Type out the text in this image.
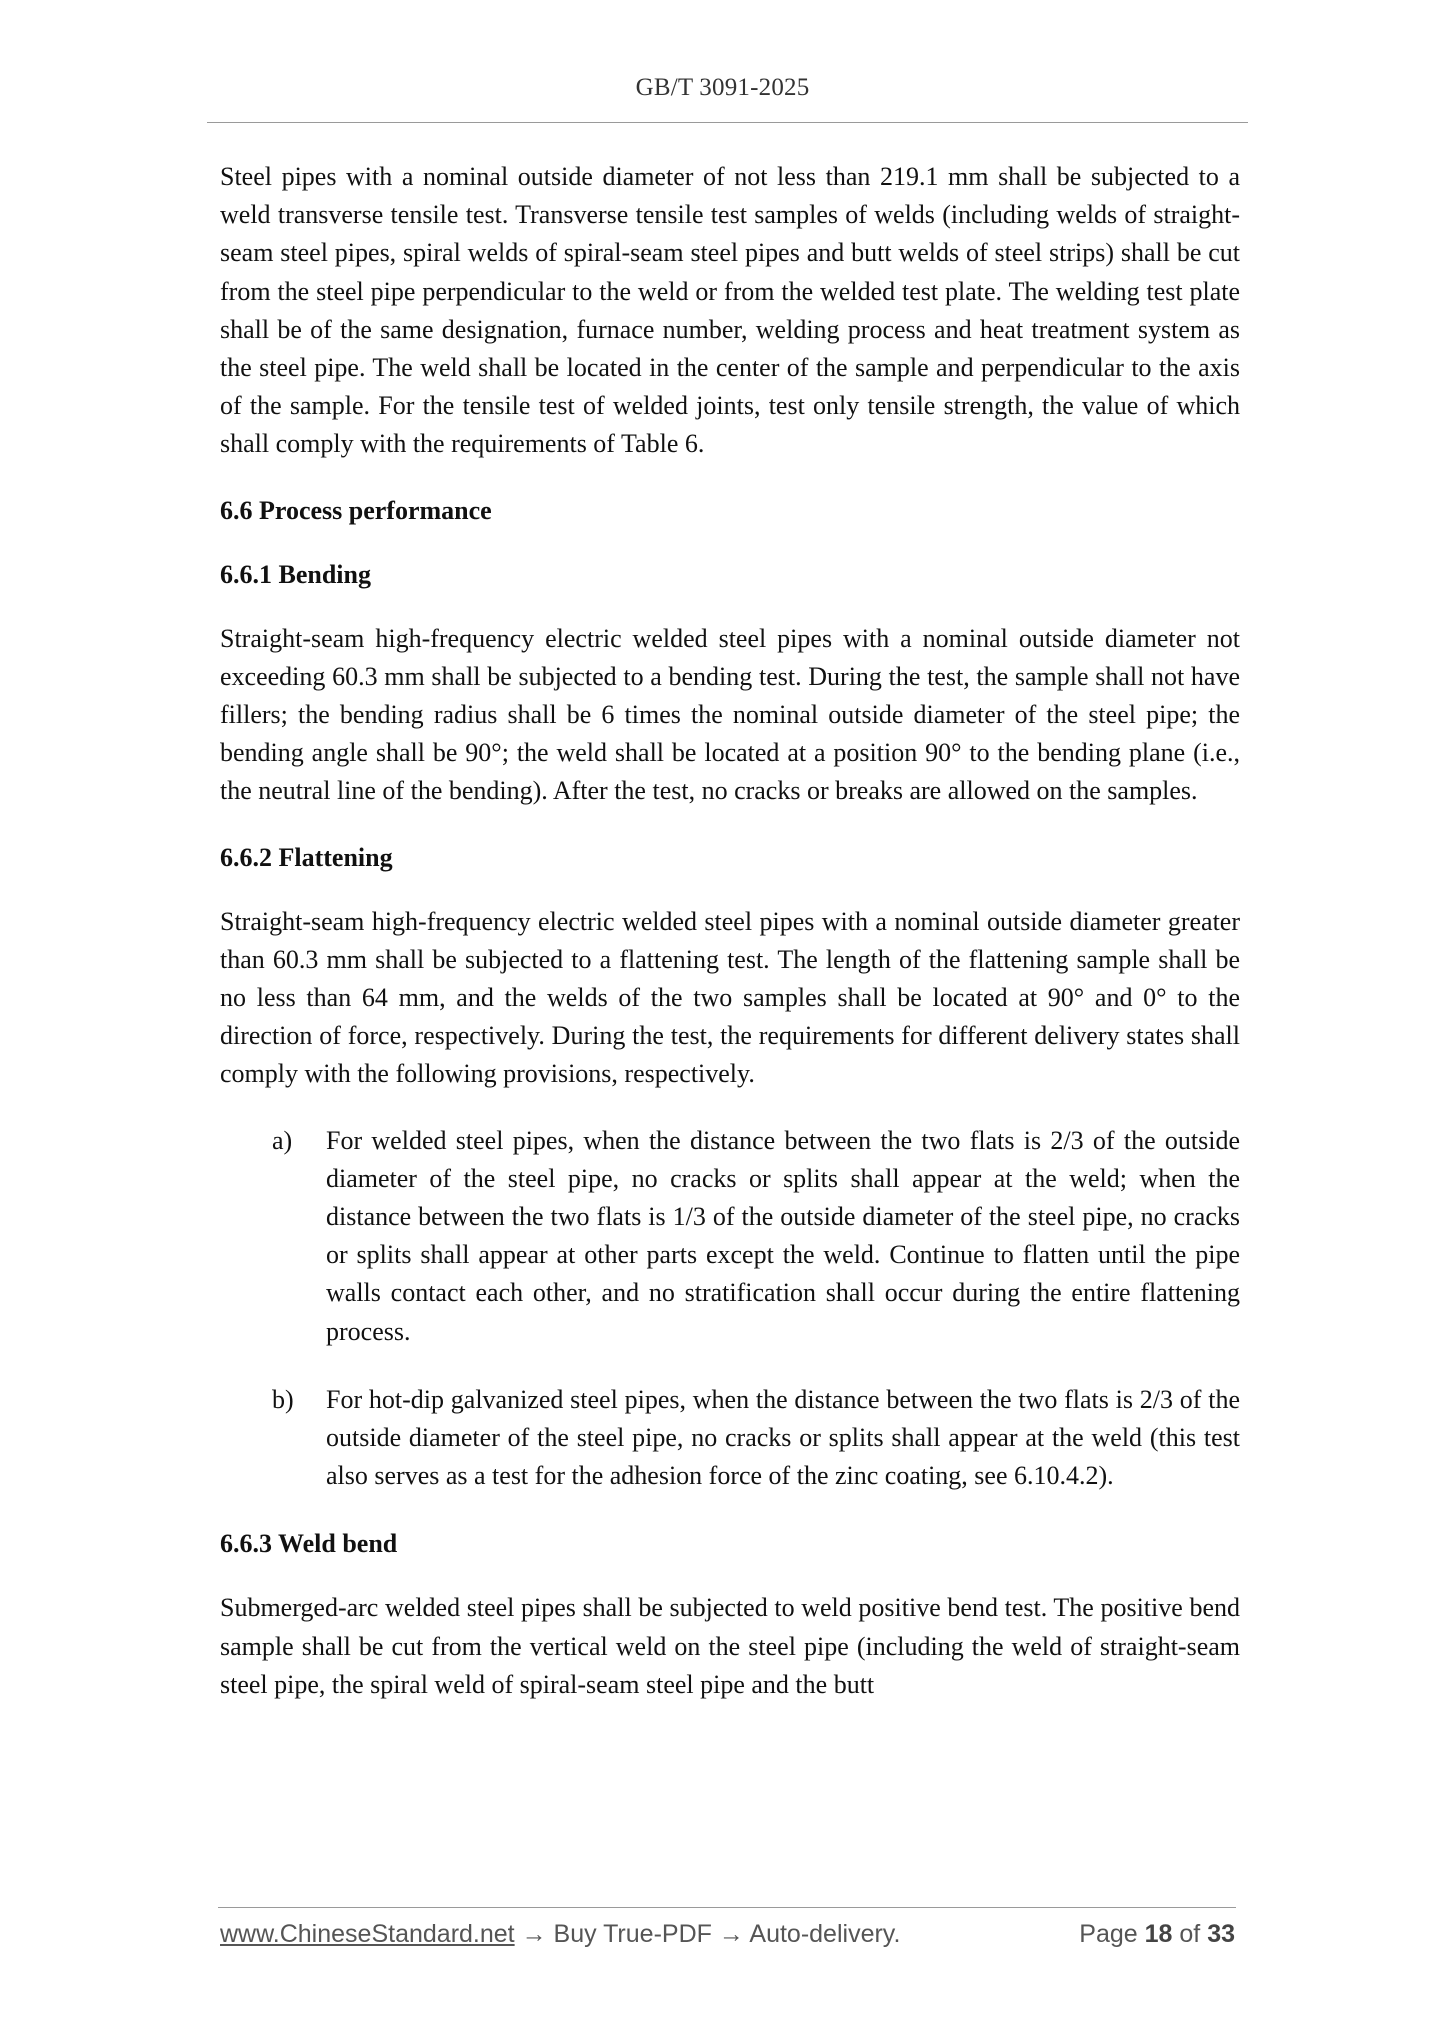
GB/T 3091-2025

Steel pipes with a nominal outside diameter of not less than 219.1 mm shall be subjected to a weld transverse tensile test. Transverse tensile test samples of welds (including welds of straight-seam steel pipes, spiral welds of spiral-seam steel pipes and butt welds of steel strips) shall be cut from the steel pipe perpendicular to the weld or from the welded test plate. The welding test plate shall be of the same designation, furnace number, welding process and heat treatment system as the steel pipe. The weld shall be located in the center of the sample and perpendicular to the axis of the sample. For the tensile test of welded joints, test only tensile strength, the value of which shall comply with the requirements of Table 6.

6.6 Process performance
6.6.1 Bending

Straight-seam high-frequency electric welded steel pipes with a nominal outside diameter not exceeding 60.3 mm shall be subjected to a bending test. During the test, the sample shall not have fillers; the bending radius shall be 6 times the nominal outside diameter of the steel pipe; the bending angle shall be 90°; the weld shall be located at a position 90° to the bending plane (i.e., the neutral line of the bending). After the test, no cracks or breaks are allowed on the samples.

6.6.2 Flattening

Straight-seam high-frequency electric welded steel pipes with a nominal outside diameter greater than 60.3 mm shall be subjected to a flattening test. The length of the flattening sample shall be no less than 64 mm, and the welds of the two samples shall be located at 90° and 0° to the direction of force, respectively. During the test, the requirements for different delivery states shall comply with the following provisions, respectively.

a)	For welded steel pipes, when the distance between the two flats is 2/3 of the outside diameter of the steel pipe, no cracks or splits shall appear at the weld; when the distance between the two flats is 1/3 of the outside diameter of the steel pipe, no cracks or splits shall appear at other parts except the weld. Continue to flatten until the pipe walls contact each other, and no stratification shall occur during the entire flattening process.
b)	For hot-dip galvanized steel pipes, when the distance between the two flats is 2/3 of the outside diameter of the steel pipe, no cracks or splits shall appear at the weld (this test also serves as a test for the adhesion force of the zinc coating, see 6.10.4.2).
6.6.3 Weld bend

Submerged-arc welded steel pipes shall be subjected to weld positive bend test. The positive bend sample shall be cut from the vertical weld on the steel pipe (including the weld of straight-seam steel pipe, the spiral weld of spiral-seam steel pipe and the butt

www.ChineseStandard.net → Buy True-PDF → Auto-delivery.	Page 18 of 33
